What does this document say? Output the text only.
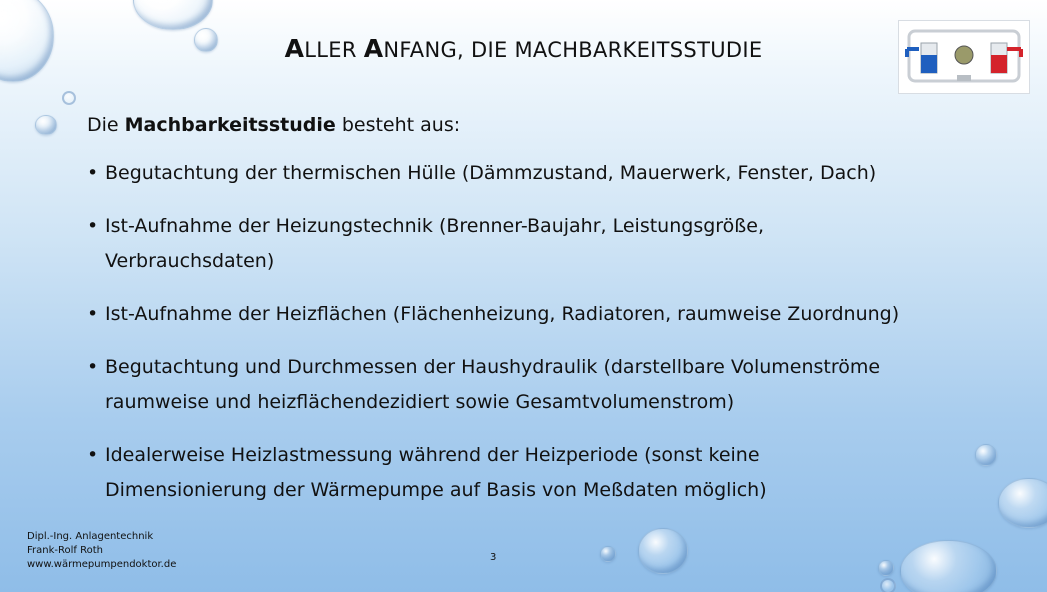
ALLER ANFANG, DIE MACHBARKEITSSTUDIE

Die Machbarkeitsstudie besteht aus:

• Begutachtung der thermischen Hülle (Dämmzustand, Mauerwerk, Fenster, Dach)
• Ist-Aufnahme der Heizungstechnik (Brenner-Baujahr, Leistungsgröße, Verbrauchsdaten)
• Ist-Aufnahme der Heizflächen (Flächenheizung, Radiatoren, raumweise Zuordnung)
• Begutachtung und Durchmessen der Haushydraulik (darstellbare Volumenströme raumweise und heizflächendezidiert sowie Gesamtvolumenstrom)
• Idealerweise Heizlastmessung während der Heizperiode (sonst keine Dimensionierung der Wärmepumpe auf Basis von Meßdaten möglich)
Dipl.-Ing. Anlagentechnik
Frank-Rolf Roth
www.wärmepumpendoktor.de
3
